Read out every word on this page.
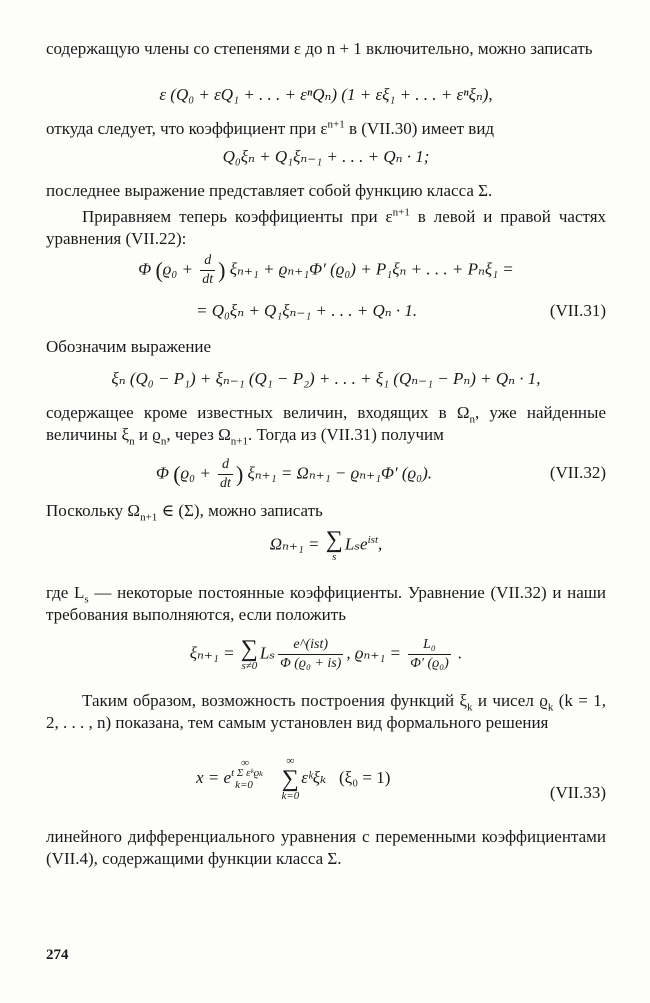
содержащую члены со степенями ε до n + 1 включительно, можно записать

ε (Q₀ + εQ₁ + . . . + εⁿQₙ) (1 + εξ₁ + . . . + εⁿξₙ),

откуда следует, что коэффициент при $\varepsilon^{n+1}$ в (VII.30) имеет вид

Q₀ξₙ + Q₁ξₙ₋₁ + . . . + Qₙ · 1;

последнее выражение представляет собой функцию класса Σ.

Приравняем теперь коэффициенты при $\varepsilon^{n+1}$ в левой и правой частях уравнения (VII.22):

Φ ($ϱ_0 + \frac{d}{dt}$ ) ξₙ₊₁ + ϱₙ₊₁Φ′ (ϱ₀) + P₁ξₙ + . . . + Pₙξ₁ =
= Q₀ξₙ + Q₁ξₙ₋₁ + . . . + Qₙ · 1.	(VII.31)

Обозначим выражение

ξₙ (Q₀ − P₁) + ξₙ₋₁ (Q₁ − P₂) + . . . + ξ₁ (Qₙ₋₁ − Pₙ) + Qₙ · 1,

содержащее кроме известных величин, входящих в $\Omega_n$, уже найденные величины $\xi_n$ и $ϱ_n$, через $\Omega_{n+1}$. Тогда из (VII.31) получим

Φ ($ϱ_0 + \frac{d}{dt}$ ) ξₙ₊₁ = Ωₙ₊₁ − ϱₙ₊₁Φ′ (ϱ₀).	(VII.32)

Поскольку $\Omega_{n+1}$ ∈ (Σ), можно записать

Ωₙ₊₁ = ∑
s
Lₛe$^{ist}$,

где $L_s$ — некоторые постоянные коэффициенты. Уравнение (VII.32) и наши требования выполняются, если положить

ξₙ₊₁ = ∑
s≠0
Lₛ $\frac{\text{e\textasciicircum{}(ist)}}{\text{Φ (ϱ₀ + is)}}$ , $ϱ_{n+1} = \frac{\text{L₀}}{\text{Φ′ (ϱ₀)}}$ .

Таким образом, возможность построения функций $\xi_k$ и чисел $ϱ_k$ (k = 1, 2, . . . , n) показана, тем самым установлен вид формального решения

x = e
∞
t Σ εᵏϱₖ
k=0

∞
∑
k=0
εᵏξₖ (ξ₀ = 1)
(VII.33)

линейного дифференциального уравнения с переменными коэффициентами (VII.4), содержащими функции класса Σ.

274
